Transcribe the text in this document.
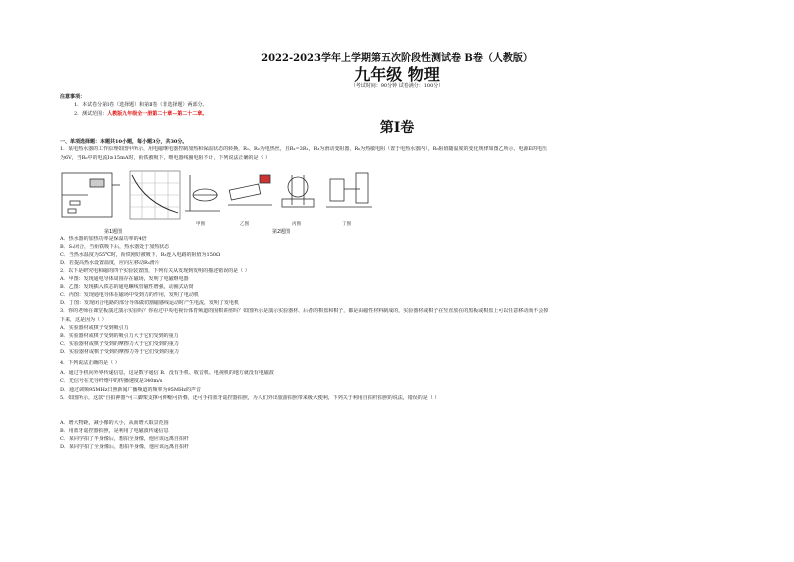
2022-2023学年上学期第五次阶段性测试卷 B卷（人教版）
九年级 物理
（考试时间：90分钟 试卷满分：100分）
注意事项：
1．本试卷分第Ⅰ卷（选择题）和第Ⅱ卷（非选择题）两部分。
2．测试范围：人教版九年级全一册第二十章—第二十二章。
第Ⅰ卷
一、单项选择题：本题共10小题，每小题3分，共30分。
1．某电热水器的工作原理如图甲所示，用电磁继电器控制加热和保温状态的转换，R₁、R₂为电热丝，且R₂=3R₁，R₃为滑动变阻器，R₀为热敏电阻（置于电热水器内），R₀阻值随温度的变化规律如图乙所示，电源E的电压
为6V，当R₀中的电流I≥15mA时，衔铁被吸下，继电器线圈电阻不计，下列说法正确的是（ ）
甲图	乙图	丙图	丁图
第1题图	第2题图
A．热水器的加热功率是保温功率的4倍
B．S₁闭合，当衔铁吸下后，热水器处于加热状态
C．当热水温度为55℃时，衔铁刚好被吸下，R₃连入电路的阻值为150Ω
D．若提高热水设置温度，应向左移动R₃滑片
2．以下是研究电和磁的四个实验装置图，下列有关从发现到发明的描述错误的是（ ）
A．甲图：发现通电导体周围存在磁场，发明了电磁继电器
B．乙图：发现插入铁芯的通电螺线管磁性增强，动圈式话筒
C．丙图：发现通电导体在磁场中受到力的作用，发明了电动机
D．丁图：发现闭合电路的部分导体做切割磁感线运动时产生电流，发明了发电机
3．你的老师在课堂板演过演示实验吗？你看过中央电视台体育频道的围棋讲座吗？如图所示是演示实验器材、后者的棋盘和棋子，都是由磁性材料制成的，实验器材或棋子在竖直放在的黑板或棋盘上可以任意移动而不会掉
下来，这是因为（ ）
A．实验器材或棋子受到吸引力
B．实验器材或棋子受到的吸引力大于它们受到的重力
C．实验器材或棋子受到的摩擦力大于它们受到的重力
D．实验器材或棋子受到的摩擦力等于它们受到的重力
4．下列说法正确的是（ ）
A．通过手机向外界传递信息，这是数字通信 B．没有手机、收音机、电视机的地方就没有电磁波
C．光信号在光导纤维中的传播速度是340m/s
D．通过调频95MHz日照新闻广播频道的频率为95MHz的声音
5．如图所示，这款"自拍神器"可三脚架支撑可伸缩可折叠，还可手持蓝牙遥控器拍照，为人们外出旅游拍照带来极大便利，下列关于利用自拍杆拍照的说法，错误的是（ ）
A．增大物距，减小像的大小，从而增大取景范围
B．用蓝牙遥控器拍照，是利用了电磁波传递信息
C．某同学拍了半身像后，想拍全身像，他应该远离自拍杆
D．某同学拍了全身像后，想拍半身像，他应该远离自拍杆
